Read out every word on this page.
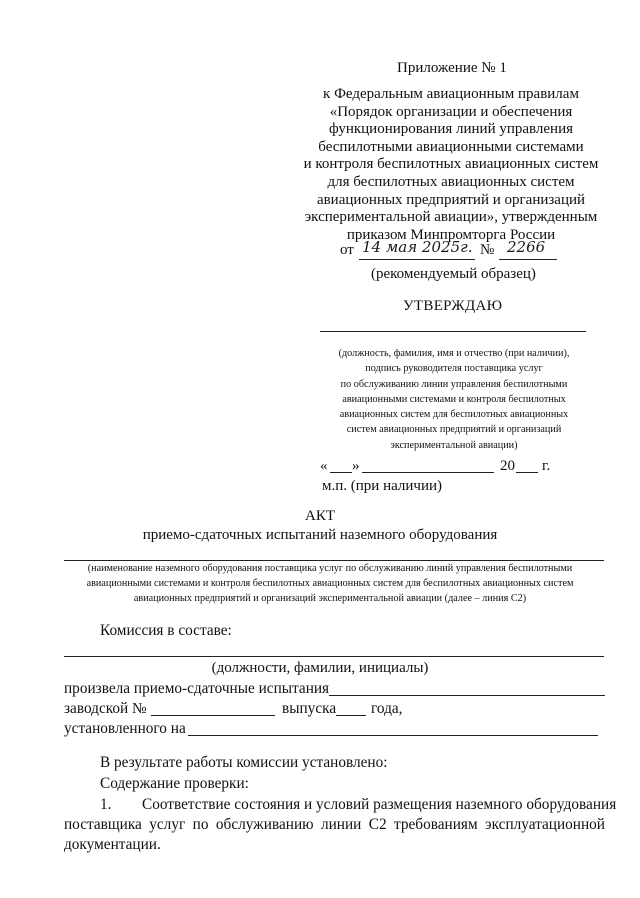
Приложение № 1
к Федеральным авиационным правилам
«Порядок организации и обеспечения
функционирования линий управления
беспилотными авиационными системами
и контроля беспилотных авиационных систем
для беспилотных авиационных систем
авиационных предприятий и организаций
экспериментальной авиации», утвержденным
приказом Минпромторга России
от 14 мая 2025г. № 2266
(рекомендуемый образец)
УТВЕРЖДАЮ
(должность, фамилия, имя и отчество (при наличии),
подпись руководителя поставщика услуг
по обслуживанию линии управления беспилотными
авиационными системами и контроля беспилотных
авиационных систем для беспилотных авиационных
систем авиационных предприятий и организаций
экспериментальной авиации)
« »	20 г.
м.п. (при наличии)
АКТ
приемо-сдаточных испытаний наземного оборудования
(наименование наземного оборудования поставщика услуг по обслуживанию линий управления беспилотными
авиационными системами и контроля беспилотных авиационных систем для беспилотных авиационных систем
авиационных предприятий и организаций экспериментальной авиации (далее – линия С2)
Комиссия в составе:
(должности, фамилии, инициалы)
произвела приемо-сдаточные испытания
заводской №	выпуска года,
установленного на
В результате работы комиссии установлено:
Содержание проверки:
1. Соответствие состояния и условий размещения наземного оборудования
поставщика услуг по обслуживанию линии С2 требованиям эксплуатационной
документации.
